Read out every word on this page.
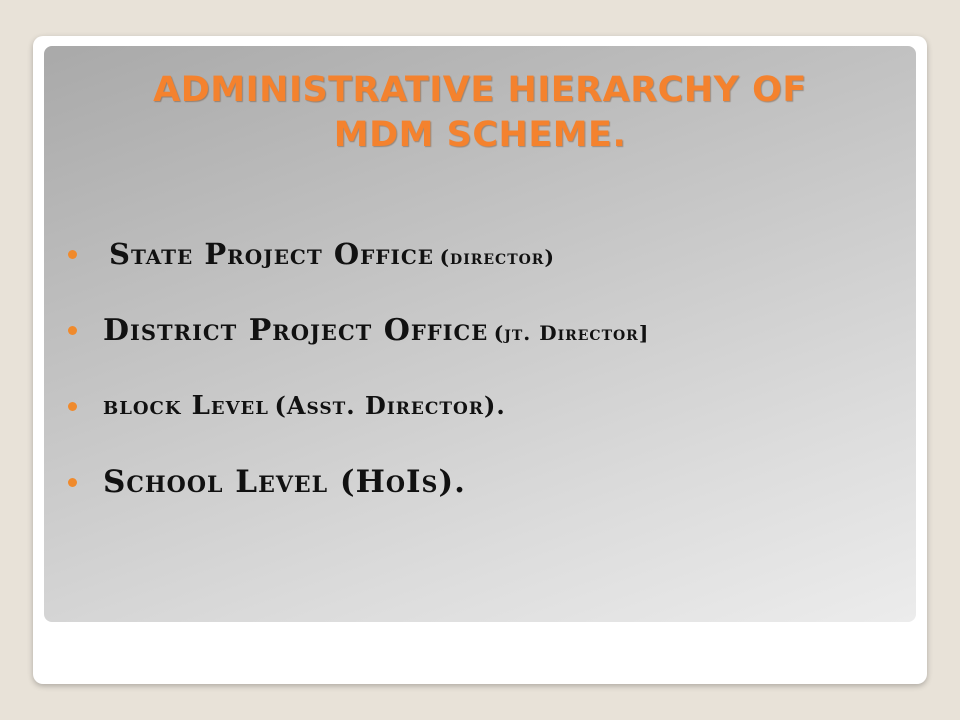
ADMINISTRATIVE HIERARCHY OF
MDM SCHEME.
State Project Office (director)
District Project Office (jt. Director]
block Level (Asst. Director).
School Level (HoIs).
